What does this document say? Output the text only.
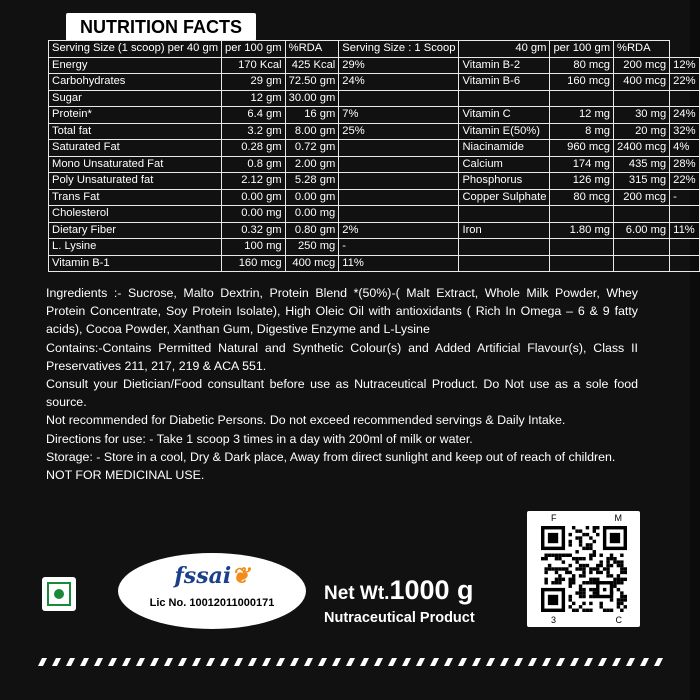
NUTRITION FACTS
Serving Size (1 scoop) per 40 gm	per 100 gm	%RDA	Serving Size : 1 Scoop	40 gm	per 100 gm	%RDA	
Energy	170 Kcal	425 Kcal	29%	Vitamin B-2	80 mcg	200 mcg	12%
Carbohydrates	29 gm	72.50 gm	24%	Vitamin B-6	160 mcg	400 mcg	22%
Sugar	12 gm	30.00 gm					
Protein*	6.4 gm	16 gm	7%	Vitamin C	12 mg	30 mg	24%
Total fat	3.2 gm	8.00 gm	25%	Vitamin E(50%)	8 mg	20 mg	32%
Saturated Fat	0.28 gm	0.72 gm		Niacinamide	960 mcg	2400 mcg	4%
Mono Unsaturated Fat	0.8 gm	2.00 gm		Calcium	174 mg	435 mg	28%
Poly Unsaturated fat	2.12 gm	5.28 gm		Phosphorus	126 mg	315 mg	22%
Trans Fat	0.00 gm	0.00 gm		Copper Sulphate	80 mcg	200 mcg	-
Cholesterol	0.00 mg	0.00 mg					
Dietary Fiber	0.32 gm	0.80 gm	2%	Iron	1.80 mg	6.00 mg	11%
L. Lysine	100 mg	250 mg	-				
Vitamin B-1	160 mcg	400 mcg	11%				

Ingredients :- Sucrose, Malto Dextrin, Protein Blend *(50%)-( Malt Extract, Whole Milk Powder, Whey Protein Concentrate, Soy Protein Isolate), High Oleic Oil with antioxidants ( Rich In Omega – 6 & 9 fatty acids), Cocoa Powder, Xanthan Gum, Digestive Enzyme and L-Lysine

Contains:-Contains Permitted Natural and Synthetic Colour(s) and Added Artificial Flavour(s), Class II Preservatives 211, 217, 219 & ACA 551.

Consult your Dietician/Food consultant before use as Nutraceutical Product. Do Not use as a sole food source.

Not recommended for Diabetic Persons. Do not exceed recommended servings & Daily Intake.

Directions for use: - Take 1 scoop 3 times in a day with 200ml of milk or water.

Storage: - Store in a cool, Dry & Dark place, Away from direct sunlight and keep out of reach of children.

NOT FOR MEDICINAL USE.

fssai❦
Lic No. 10012011000171	Net Wt.1000 g
Nutraceutical Product
F	M
3	C
